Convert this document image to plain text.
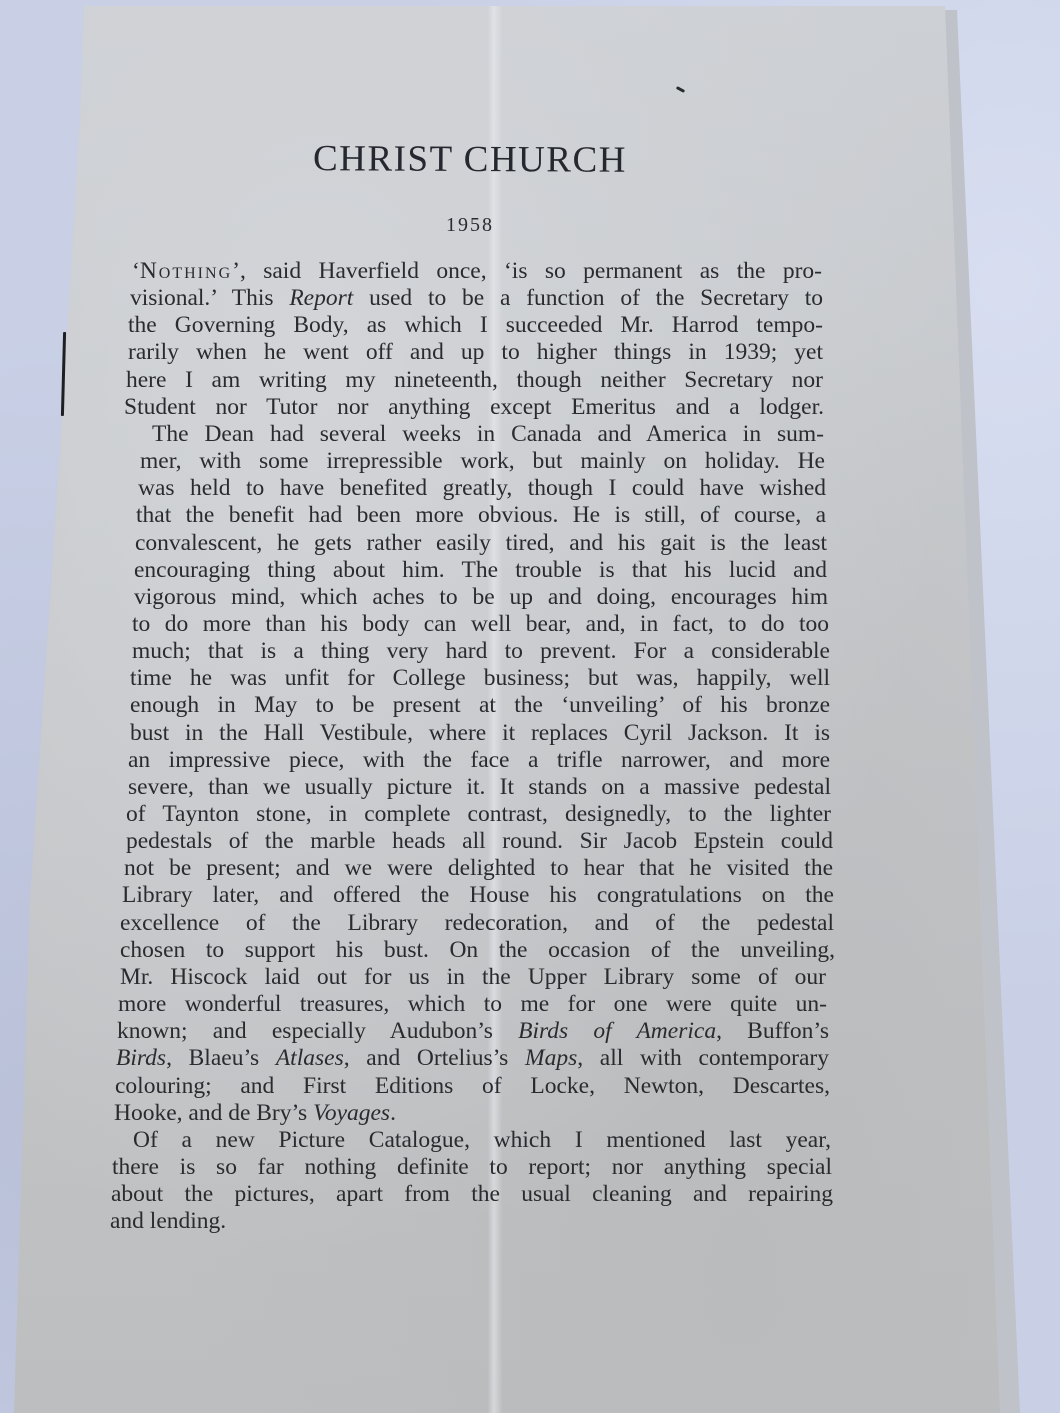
CHRIST CHURCH
1958
‘Nothing’, said Haverfield once, ‘is so permanent as the pro-
visional.’ This Report used to be a function of the Secretary to
the Governing Body, as which I succeeded Mr. Harrod tempo-
rarily when he went off and up to higher things in 1939; yet
here I am writing my nineteenth, though neither Secretary nor
Student nor Tutor nor anything except Emeritus and a lodger.
The Dean had several weeks in Canada and America in sum-
mer, with some irrepressible work, but mainly on holiday. He
was held to have benefited greatly, though I could have wished
that the benefit had been more obvious. He is still, of course, a
convalescent, he gets rather easily tired, and his gait is the least
encouraging thing about him. The trouble is that his lucid and
vigorous mind, which aches to be up and doing, encourages him
to do more than his body can well bear, and, in fact, to do too
much; that is a thing very hard to prevent. For a considerable
time he was unfit for College business; but was, happily, well
enough in May to be present at the ‘unveiling’ of his bronze
bust in the Hall Vestibule, where it replaces Cyril Jackson. It is
an impressive piece, with the face a trifle narrower, and more
severe, than we usually picture it. It stands on a massive pedestal
of Taynton stone, in complete contrast, designedly, to the lighter
pedestals of the marble heads all round. Sir Jacob Epstein could
not be present; and we were delighted to hear that he visited the
Library later, and offered the House his congratulations on the
excellence of the Library redecoration, and of the pedestal
chosen to support his bust. On the occasion of the unveiling,
Mr. Hiscock laid out for us in the Upper Library some of our
more wonderful treasures, which to me for one were quite un-
known; and especially Audubon’s Birds of America, Buffon’s
Birds, Blaeu’s Atlases, and Ortelius’s Maps, all with contemporary
colouring; and First Editions of Locke, Newton, Descartes,
Hooke, and de Bry’s Voyages.
Of a new Picture Catalogue, which I mentioned last year,
there is so far nothing definite to report; nor anything special
about the pictures, apart from the usual cleaning and repairing
and lending.
